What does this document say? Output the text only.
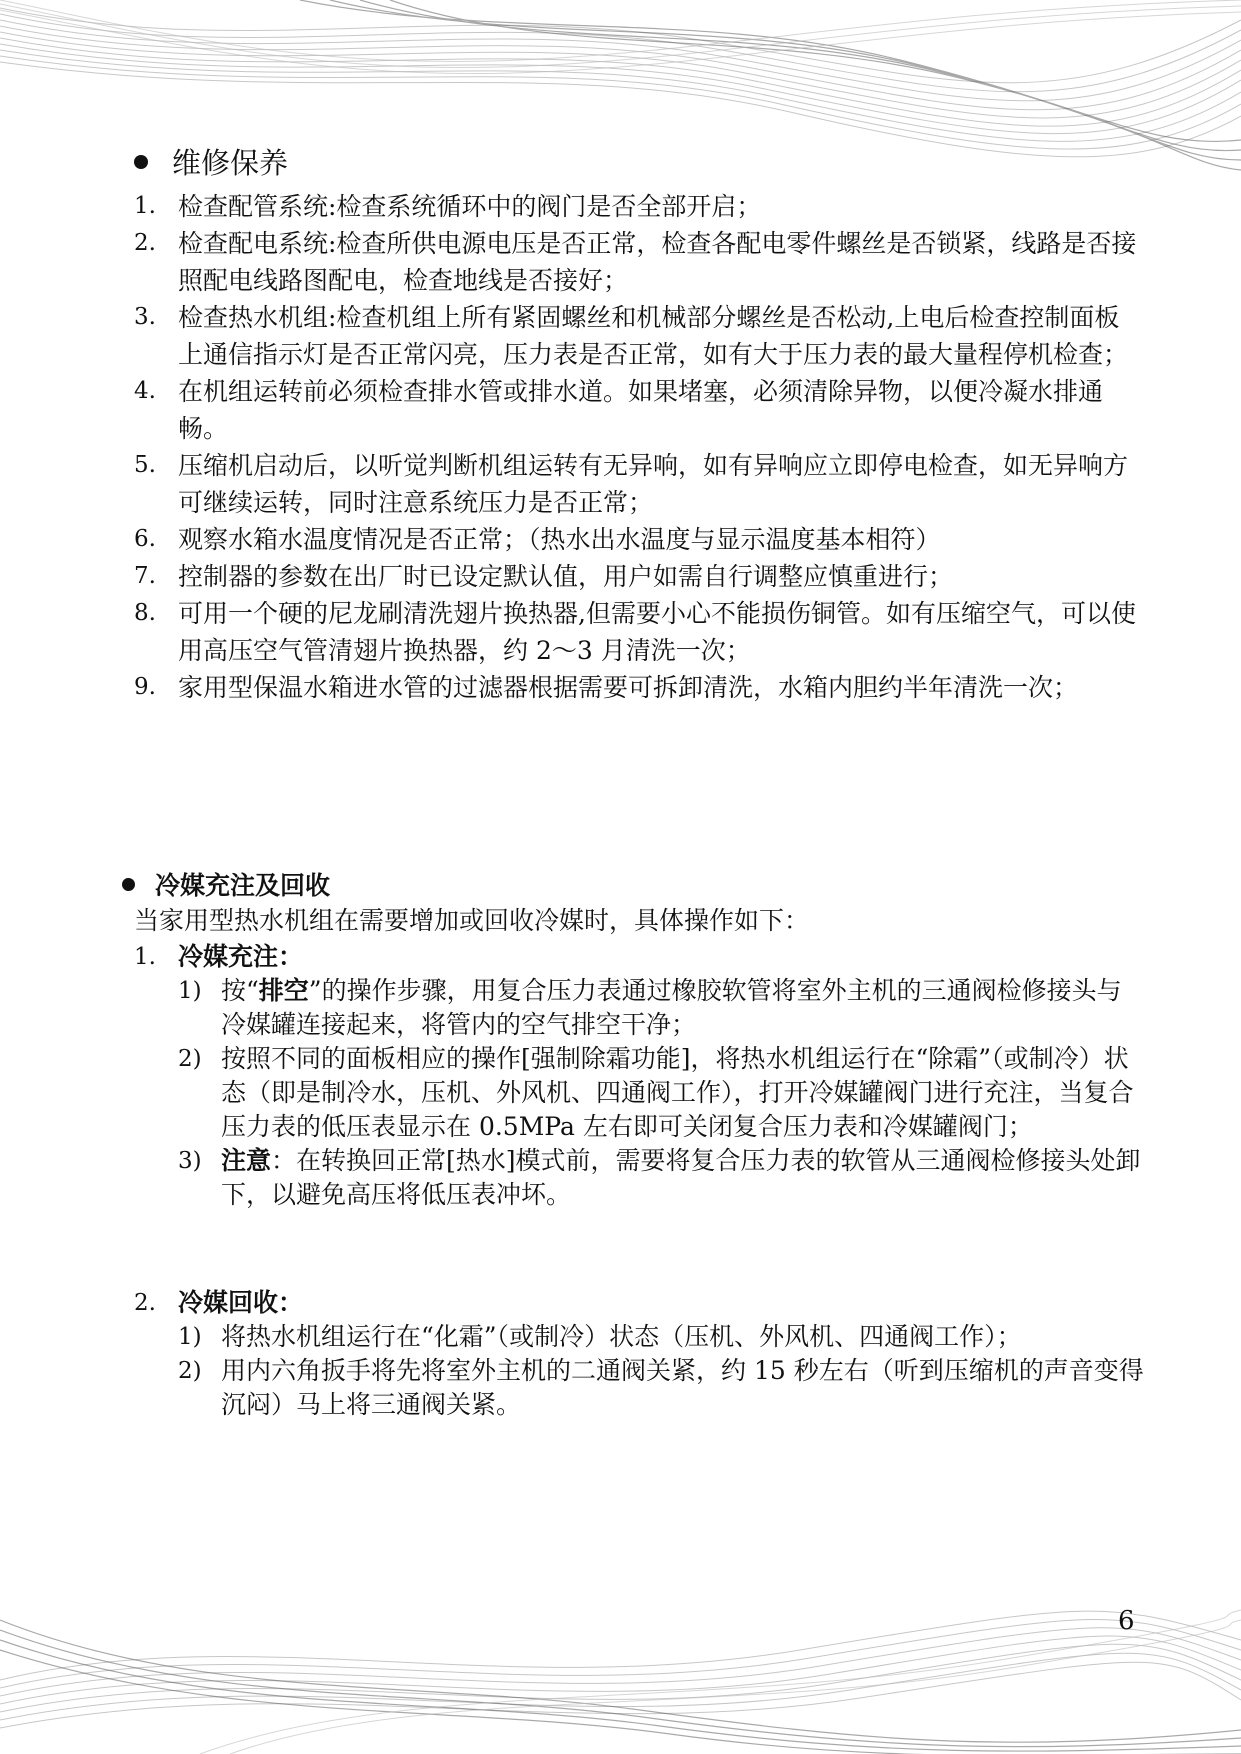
维修保养
1. 检查配管系统:检查系统循环中的阀门是否全部开启；
2. 检查配电系统:检查所供电源电压是否正常，检查各配电零件螺丝是否锁紧，线路是否接照配电线路图配电，检查地线是否接好；
3. 检查热水机组:检查机组上所有紧固螺丝和机械部分螺丝是否松动,上电后检查控制面板上通信指示灯是否正常闪亮，压力表是否正常，如有大于压力表的最大量程停机检查；
4. 在机组运转前必须检查排水管或排水道。如果堵塞，必须清除异物，以便冷凝水排通畅。
5. 压缩机启动后，以听觉判断机组运转有无异响，如有异响应立即停电检查，如无异响方可继续运转，同时注意系统压力是否正常；
6. 观察水箱水温度情况是否正常；（热水出水温度与显示温度基本相符）
7. 控制器的参数在出厂时已设定默认值，用户如需自行调整应慎重进行；
8. 可用一个硬的尼龙刷清洗翅片换热器,但需要小心不能损伤铜管。如有压缩空气，可以使用高压空气管清翅片换热器，约 2～3 月清洗一次；
9. 家用型保温水箱进水管的过滤器根据需要可拆卸清洗，水箱内胆约半年清洗一次；
冷媒充注及回收
当家用型热水机组在需要增加或回收冷媒时，具体操作如下：
1. 冷媒充注：
1) 按“排空”的操作步骤，用复合压力表通过橡胶软管将室外主机的三通阀检修接头与冷媒罐连接起来，将管内的空气排空干净；
2) 按照不同的面板相应的操作[强制除霜功能]，将热水机组运行在“除霜”（或制冷）状态（即是制冷水，压机、外风机、四通阀工作），打开冷媒罐阀门进行充注，当复合压力表的低压表显示在 0.5MPa 左右即可关闭复合压力表和冷媒罐阀门；
3) 注意：在转换回正常[热水]模式前，需要将复合压力表的软管从三通阀检修接头处卸下，以避免高压将低压表冲坏。
2. 冷媒回收：
1) 将热水机组运行在“化霜”（或制冷）状态（压机、外风机、四通阀工作）；
2) 用内六角扳手将先将室外主机的二通阀关紧，约 15 秒左右（听到压缩机的声音变得沉闷）马上将三通阀关紧。
6
